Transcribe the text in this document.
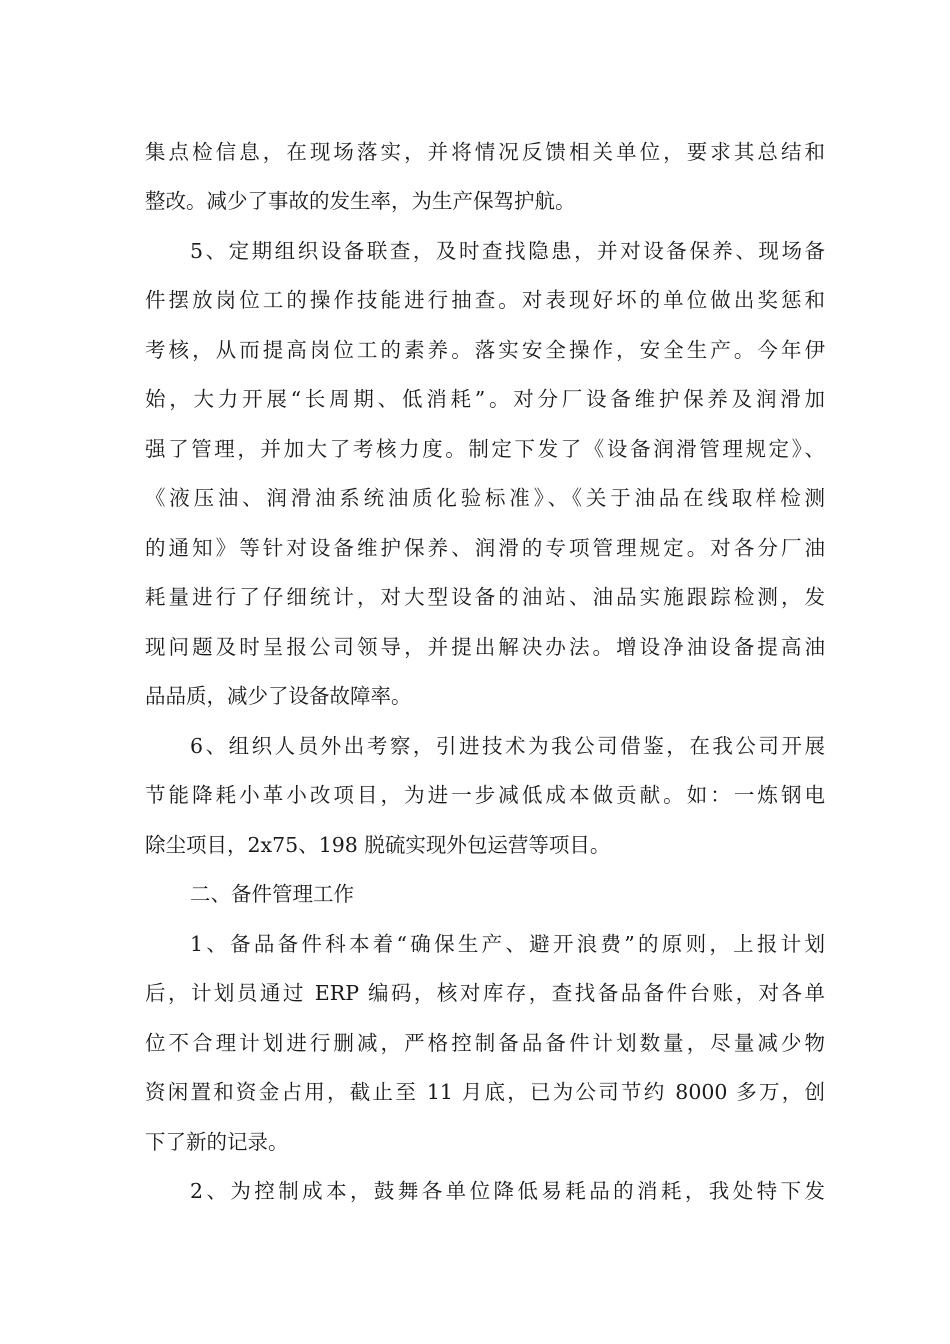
集点检信息，在现场落实，并将情况反馈相关单位，要求其总结和
整改。减少了事故的发生率，为生产保驾护航。
5、定期组织设备联查，及时查找隐患，并对设备保养、现场备
件摆放岗位工的操作技能进行抽查。对表现好坏的单位做出奖惩和
考核，从而提高岗位工的素养。落实安全操作，安全生产。今年伊
始，大力开展“长周期、低消耗”。对分厂设备维护保养及润滑加
强了管理，并加大了考核力度。制定下发了《设备润滑管理规定》、
《液压油、润滑油系统油质化验标准》、《关于油品在线取样检测
的通知》等针对设备维护保养、润滑的专项管理规定。对各分厂油
耗量进行了仔细统计，对大型设备的油站、油品实施跟踪检测，发
现问题及时呈报公司领导，并提出解决办法。增设净油设备提高油
品品质，减少了设备故障率。
6、组织人员外出考察，引进技术为我公司借鉴，在我公司开展
节能降耗小革小改项目，为进一步减低成本做贡献。如：一炼钢电
除尘项目，2x75、198 脱硫实现外包运营等项目。
二、备件管理工作
1、备品备件科本着“确保生产、避开浪费”的原则，上报计划
后，计划员通过 ERP 编码，核对库存，查找备品备件台账，对各单
位不合理计划进行删减，严格控制备品备件计划数量，尽量减少物
资闲置和资金占用，截止至 11 月底，已为公司节约 8000 多万，创
下了新的记录。
2、为控制成本，鼓舞各单位降低易耗品的消耗，我处特下发
